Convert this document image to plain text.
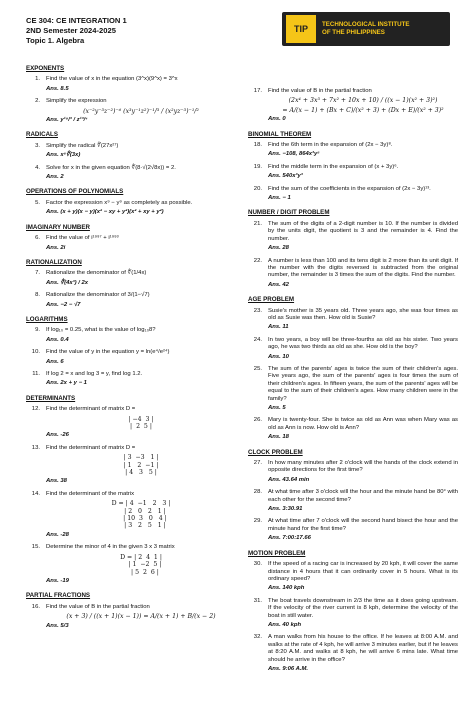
CE 304: CE INTEGRATION 1
2ND Semester 2024-2025
Topic 1. Algebra
TIP	TECHNOLOGICAL INSTITUTE
OF THE PHILIPPINES
EXPONENTS
1. Find the value of x in the equation (3^x)(9^x) = 3^x
Ans. 8.5
2. Simplify the expression
(x⁻²y⁻³z⁻²)⁻⁶ (x³y⁻¹z²)⁻¹/³ / (x²yz⁻³)⁻¹/²
Ans. y¹⁹/³ / z¹³/⁴
RADICALS
3. Simplify the radical ∜(27x²⁷)
Ans. x⁶∜(3x)
4. Solve for x in the given equation ∜(8·√(2√8x)) = 2.
Ans. 2
OPERATIONS OF POLYNOMIALS
5. Factor the expression x⁹ − y⁹ as completely as possible.
Ans. (x + y)(x − y)(x² − xy + y²)(x² + xy + y²)
IMAGINARY NUMBER
6. Find the value of i¹⁹⁹⁷ + i¹⁹⁹³
Ans. 2i
RATIONALIZATION
7. Rationalize the denominator of ∜(1/4x)
Ans. ∜(4x³) / 2x
8. Rationalize the denominator of 3/(1−√7)
Ans. −2 − √7
LOGARITHMS
9. If log₁₀ = 0.25, what is the value of log₁₀8?
Ans. 0.4
10. Find the value of y in the equation y = ln(e⁴/e²⁴)
Ans. 6
11. If log 2 = x and log 3 = y, find log 1.2.
Ans. 2x + y − 1
DETERMINANTS
12. Find the determinant of matrix D =
| −4  3 |
|  2  5 |
Ans. -26
13. Find the determinant of matrix D =
| 3  −3   1 |
| 1   2  −1 |
| 4   3   5 |
Ans. 38
14. Find the determinant of the matrix
D = | 4  −1   2   3 |
| 2   0   2   1 |
| 10  3   0   4 |
| 3   2   5   1 |
Ans. -28
15. Determine the minor of 4 in the given 3 x 3 matrix
D = | 2  4  1 |
| 1  −2  5 |
| 5  2  6 |
Ans. -19
PARTIAL FRACTIONS
16. Find the value of B in the partial fraction
(x + 3) / ((x + 1)(x − 1)) = A/(x + 1) + B/(x − 2)
Ans. 5/3
17. Find the value of B in the partial fraction
(2x⁴ + 3x³ + 7x² + 10x + 10) / ((x − 1)(x² + 3)²)
= A/(x − 1) + (Bx + C)/(x² + 3) + (Dx + E)/(x² + 3)²
Ans. 0
BINOMIAL THEOREM
18. Find the 6th term in the expansion of (2x − 3y)⁸.
Ans. −108, 864x³y⁵
19. Find the middle term in the expansion of (x + 3y)⁶.
Ans. 540x³y³
20. Find the sum of the coefficients in the expansion of (2x − 3y)¹³.
Ans. − 1
NUMBER / DIGIT PROBLEM
21. The sum of the digits of a 2-digit number is 10. If the number is divided by the units digit, the quotient is 3 and the remainder is 4. Find the number.
Ans. 28
22. A number is less than 100 and its tens digit is 2 more than its unit digit. If the number with the digits reversed is subtracted from the original number, the remainder is 3 times the sum of the digits. Find the number.
Ans. 42
AGE PROBLEM
23. Susie's mother is 35 years old. Three years ago, she was four times as old as Susie was then. How old is Susie?
Ans. 11
24. In two years, a boy will be three-fourths as old as his sister. Two years ago, he was two thirds as old as she. How old is the boy?
Ans. 10
25. The sum of the parents' ages is twice the sum of their children's ages. Five years ago, the sum of the parents' ages is four times the sum of their children's ages. In fifteen years, the sum of the parents' ages will be equal to the sum of their children's ages. How many children were in the family?
Ans. 5
26. Mary is twenty-four. She is twice as old as Ann was when Mary was as old as Ann is now. How old is Ann?
Ans. 18
CLOCK PROBLEM
27. In how many minutes after 2 o'clock will the hands of the clock extend in opposite directions for the first time?
Ans. 43.64 min
28. At what time after 3 o'clock will the hour and the minute hand be 80° with each other for the second time?
Ans. 3:30.91
29. At what time after 7 o'clock will the second hand bisect the hour and the minute hand for the first time?
Ans. 7:00:17.66
MOTION PROBLEM
30. If the speed of a racing car is increased by 20 kph, it will cover the same distance in 4 hours that it can ordinarily cover in 5 hours. What is its ordinary speed?
Ans. 140 kph
31. The boat travels downstream in 2/3 the time as it does going upstream. If the velocity of the river current is 8 kph, determine the velocity of the boat in still water.
Ans. 40 kph
32. A man walks from his house to the office. If he leaves at 8:00 A.M. and walks at the rate of 4 kph, he will arrive 3 minutes earlier, but if he leaves at 8:20 A.M. and walks at 8 kph, he will arrive 6 mins late. What time should he arrive in the office?
Ans. 9:06 A.M.
